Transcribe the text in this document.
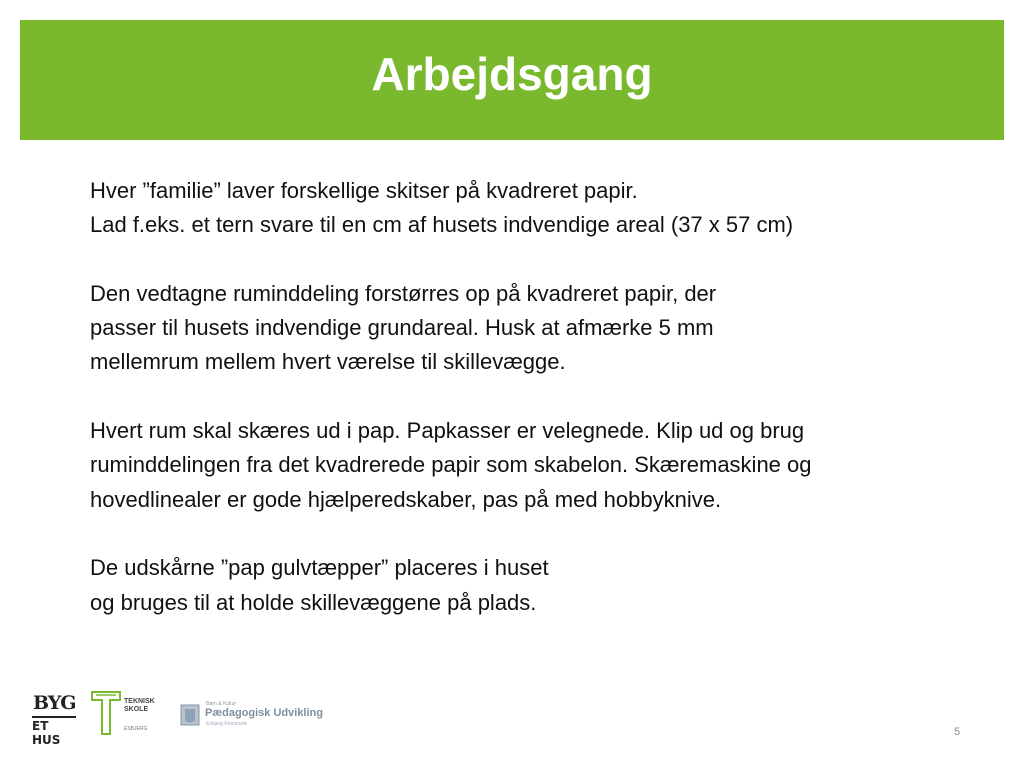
Arbejdsgang

Hver ”familie” laver forskellige skitser på kvadreret papir.
Lad f.eks. et tern svare til en cm af husets indvendige areal (37 x 57 cm)

Den vedtagne ruminddeling forstørres op på kvadreret papir, der
passer til husets indvendige grundareal. Husk at afmærke 5 mm
mellemrum mellem hvert værelse til skillevægge.

Hvert rum skal skæres ud i pap. Papkasser er velegnede. Klip ud og brug
ruminddelingen fra det kvadrerede papir som skabelon. Skæremaskine og
hovedlinealer er gode hjælperedskaber, pas på med hobbyknive.

De udskårne ”pap gulvtæpper” placeres i huset
og bruges til at holde skillevæggene på plads.

BYG
ET HUS
TEKNISK
SKOLE
ESBJERG
Børn & Kultur
Pædagogisk Udvikling
Esbjerg Kommune
5
